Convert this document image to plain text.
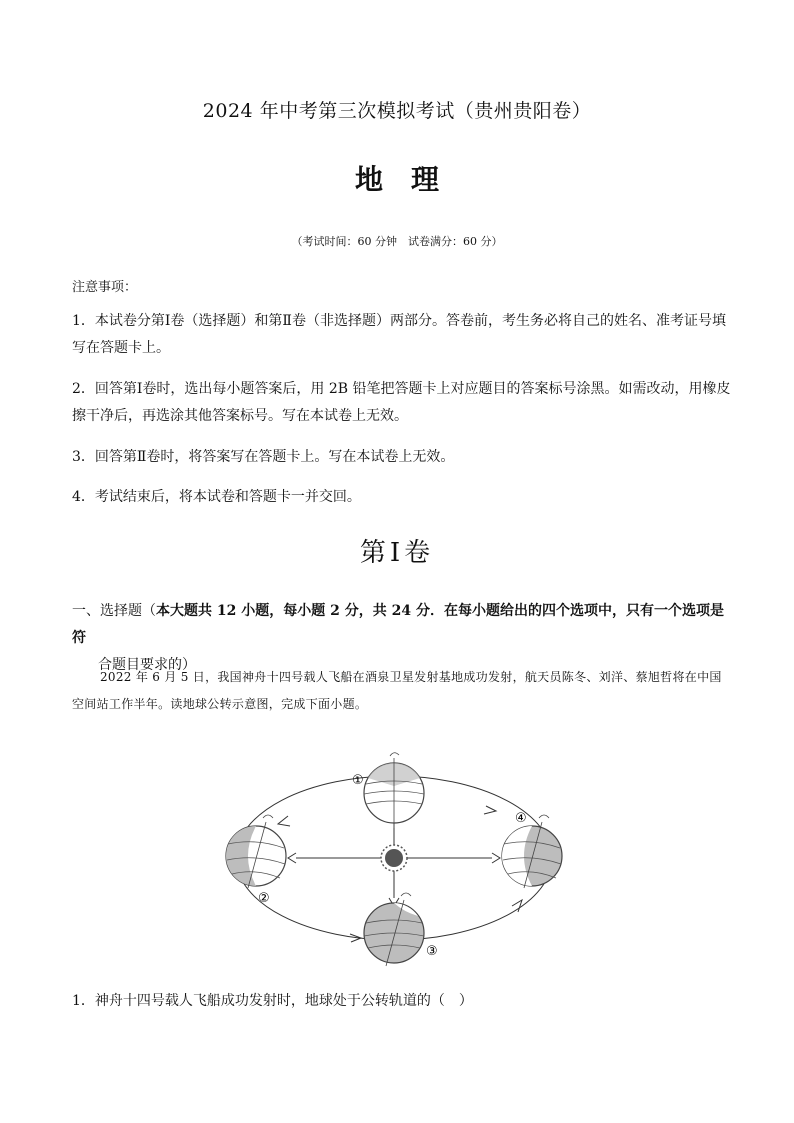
2024 年中考第三次模拟考试（贵州贵阳卷）
地理
（考试时间：60 分钟　试卷满分：60 分）
注意事项：
1．本试卷分第Ⅰ卷（选择题）和第Ⅱ卷（非选择题）两部分。答卷前，考生务必将自己的姓名、准考证号填写在答题卡上。
2．回答第Ⅰ卷时，选出每小题答案后，用 2B 铅笔把答题卡上对应题目的答案标号涂黑。如需改动，用橡皮擦干净后，再选涂其他答案标号。写在本试卷上无效。
3．回答第Ⅱ卷时，将答案写在答题卡上。写在本试卷上无效。
4．考试结束后，将本试卷和答题卡一并交回。
第Ⅰ卷
一、选择题（本大题共 12 小题，每小题 2 分，共 24 分．在每小题给出的四个选项中，只有一个选项是符
合题目要求的）
2022 年 6 月 5 日，我国神舟十四号载人飞船在酒泉卫星发射基地成功发射，航天员陈冬、刘洋、蔡旭哲将在中国空间站工作半年。读地球公转示意图，完成下面小题。
①
②
③
④
1．神舟十四号载人飞船成功发射时，地球处于公转轨道的（　）
